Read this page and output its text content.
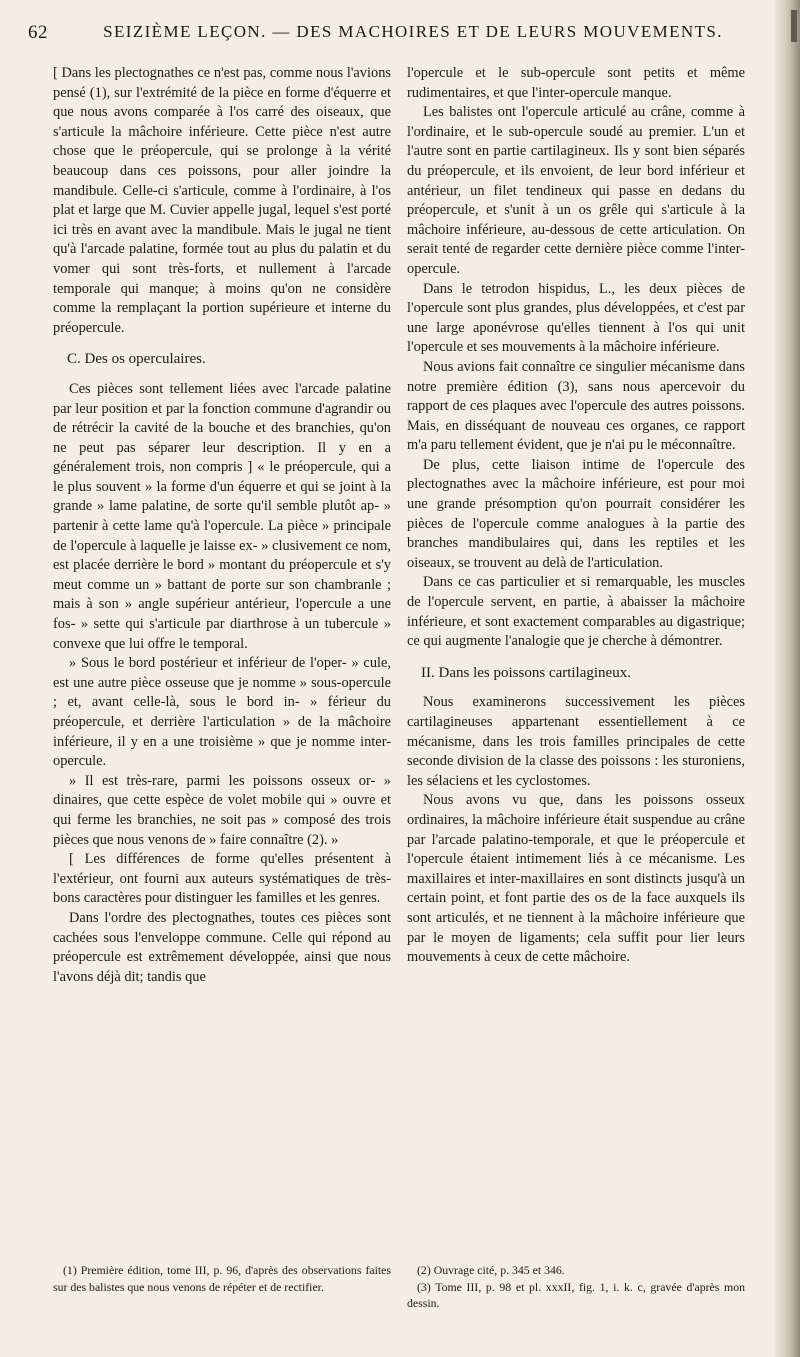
62	SEIZIÈME LEÇON. — DES MACHOIRES ET DE LEURS MOUVEMENTS.

[ Dans les plectognathes ce n'est pas, comme nous l'avions pensé (1), sur l'extrémité de la pièce en forme d'équerre et que nous avons comparée à l'os carré des oiseaux, que s'articule la mâchoire inférieure. Cette pièce n'est autre chose que le préopercule, qui se prolonge à la vérité beaucoup dans ces poissons, pour aller joindre la mandibule. Celle-ci s'articule, comme à l'ordinaire, à l'os plat et large que M. Cuvier appelle jugal, lequel s'est porté ici très en avant avec la mandibule. Mais le jugal ne tient qu'à l'arcade palatine, formée tout au plus du palatin et du vomer qui sont très-forts, et nullement à l'arcade temporale qui manque; à moins qu'on ne considère comme la remplaçant la portion supérieure et interne du préopercule.

C. Des os operculaires.

Ces pièces sont tellement liées avec l'arcade palatine par leur position et par la fonction commune d'agrandir ou de rétrécir la cavité de la bouche et des branchies, qu'on ne peut pas séparer leur description. Il y en a généralement trois, non compris ] « le préopercule, qui a le plus souvent » la forme d'un équerre et qui se joint à la grande » lame palatine, de sorte qu'il semble plutôt ap- » partenir à cette lame qu'à l'opercule. La pièce » principale de l'opercule à laquelle je laisse ex- » clusivement ce nom, est placée derrière le bord » montant du préopercule et s'y meut comme un » battant de porte sur son chambranle ; mais à son » angle supérieur antérieur, l'opercule a une fos- » sette qui s'articule par diarthrose à un tubercule » convexe que lui offre le temporal.

» Sous le bord postérieur et inférieur de l'oper- » cule, est une autre pièce osseuse que je nomme » sous-opercule ; et, avant celle-là, sous le bord in- » férieur du préopercule, et derrière l'articulation » de la mâchoire inférieure, il y en a une troisième » que je nomme inter-opercule.

» Il est très-rare, parmi les poissons osseux or- » dinaires, que cette espèce de volet mobile qui » ouvre et qui ferme les branchies, ne soit pas » composé des trois pièces que nous venons de » faire connaître (2). »

[ Les différences de forme qu'elles présentent à l'extérieur, ont fourni aux auteurs systématiques de très-bons caractères pour distinguer les familles et les genres.

Dans l'ordre des plectognathes, toutes ces pièces sont cachées sous l'enveloppe commune. Celle qui répond au préopercule est extrêmement développée, ainsi que nous l'avons déjà dit; tandis que

l'opercule et le sub-opercule sont petits et même rudimentaires, et que l'inter-opercule manque.

Les balistes ont l'opercule articulé au crâne, comme à l'ordinaire, et le sub-opercule soudé au premier. L'un et l'autre sont en partie cartilagineux. Ils y sont bien séparés du préopercule, et ils envoient, de leur bord inférieur et antérieur, un filet tendineux qui passe en dedans du préopercule, et s'unit à un os grêle qui s'articule à la mâchoire inférieure, au-dessous de cette articulation. On serait tenté de regarder cette dernière pièce comme l'inter-opercule.

Dans le tetrodon hispidus, L., les deux pièces de l'opercule sont plus grandes, plus développées, et c'est par une large aponévrose qu'elles tiennent à l'os qui unit l'opercule et ses mouvements à la mâchoire inférieure.

Nous avions fait connaître ce singulier mécanisme dans notre première édition (3), sans nous apercevoir du rapport de ces plaques avec l'opercule des autres poissons. Mais, en disséquant de nouveau ces organes, ce rapport m'a paru tellement évident, que je n'ai pu le méconnaître.

De plus, cette liaison intime de l'opercule des plectognathes avec la mâchoire inférieure, est pour moi une grande présomption qu'on pourrait considérer les pièces de l'opercule comme analogues à la partie des branches mandibulaires qui, dans les reptiles et les oiseaux, se trouvent au delà de l'articulation.

Dans ce cas particulier et si remarquable, les muscles de l'opercule servent, en partie, à abaisser la mâchoire inférieure, et sont exactement comparables au digastrique; ce qui augmente l'analogie que je cherche à démontrer.

II. Dans les poissons cartilagineux.

Nous examinerons successivement les pièces cartilagineuses appartenant essentiellement à ce mécanisme, dans les trois familles principales de cette seconde division de la classe des poissons : les sturoniens, les sélaciens et les cyclostomes.

Nous avons vu que, dans les poissons osseux ordinaires, la mâchoire inférieure était suspendue au crâne par l'arcade palatino-temporale, et que le préopercule et l'opercule étaient intimement liés à ce mécanisme. Les maxillaires et inter-maxillaires en sont distincts jusqu'à un certain point, et font partie des os de la face auxquels ils sont articulés, et ne tiennent à la mâchoire inférieure que par le moyen de ligaments; cela suffit pour lier leurs mouvements à ceux de cette mâchoire.

(1) Première édition, tome III, p. 96, d'après des observations faites sur des balistes que nous venons de répéter et de rectifier.

(2) Ouvrage cité, p. 345 et 346.

(3) Tome III, p. 98 et pl. xxxII, fig. 1, i. k. c, gravée d'après mon dessin.
